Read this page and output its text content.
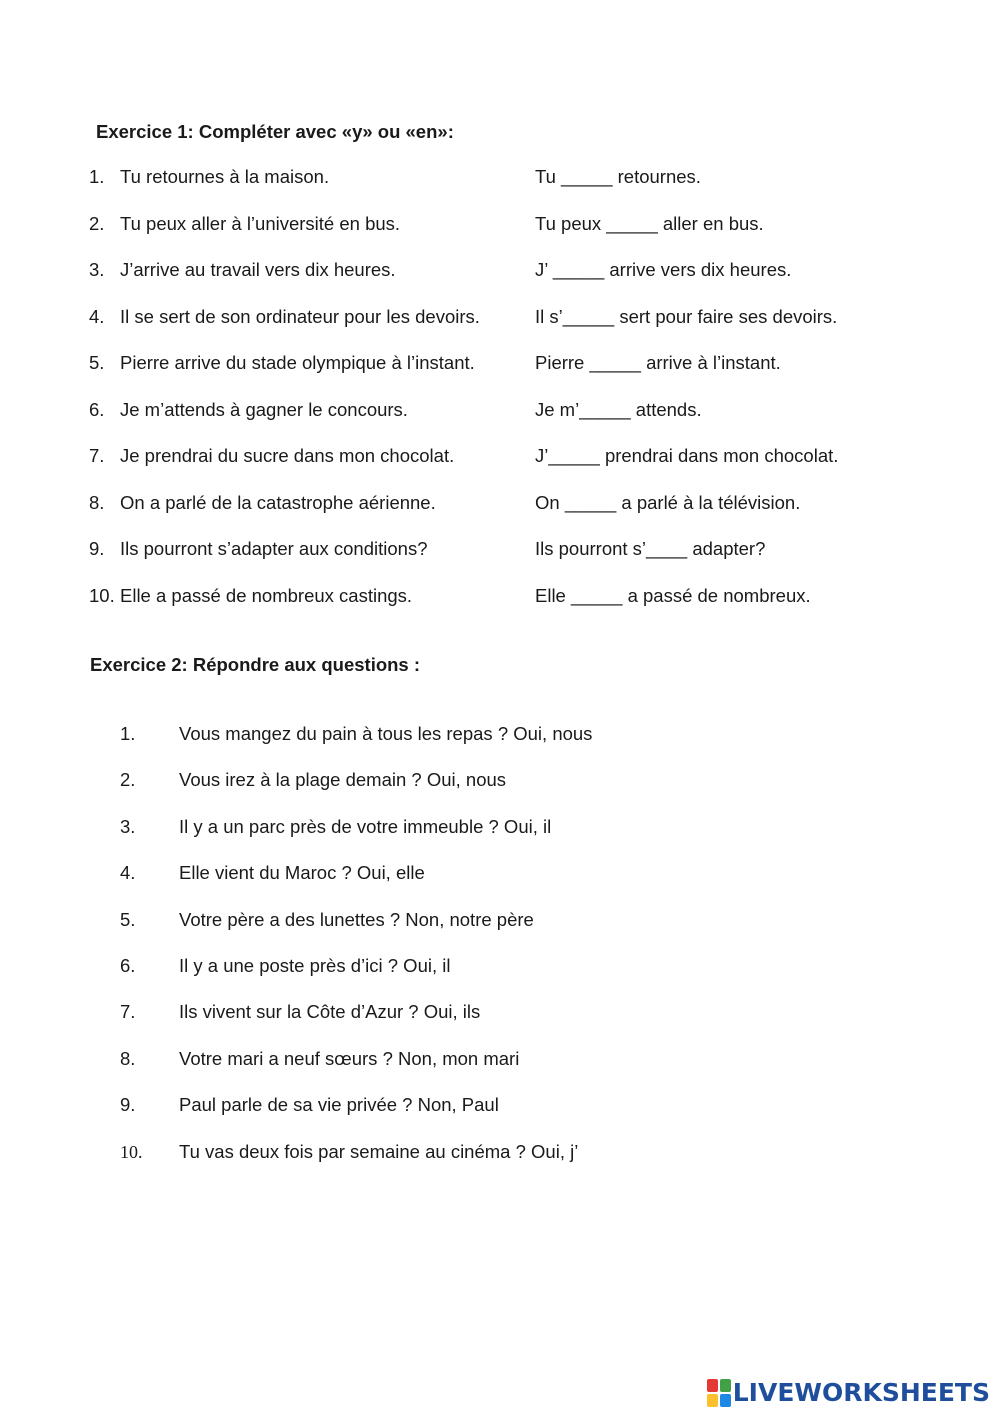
Exercice 1: Compléter avec «y» ou «en»:
1. Tu retournes à la maison.	Tu _____ retournes.
2. Tu peux aller à l’université en bus.	Tu peux _____ aller en bus.
3. J’arrive au travail vers dix heures.	J’ _____ arrive vers dix heures.
4. Il se sert de son ordinateur pour les devoirs.	Il s’_____ sert pour faire ses devoirs.
5. Pierre arrive du stade olympique à l’instant.	Pierre _____ arrive à l’instant.
6. Je m’attends à gagner le concours.	Je m’_____ attends.
7. Je prendrai du sucre dans mon chocolat.	J’_____ prendrai dans mon chocolat.
8. On a parlé de la catastrophe aérienne.	On _____ a parlé à la télévision.
9. Ils pourront s’adapter aux conditions?	Ils pourront s’____ adapter?
10. Elle a passé de nombreux castings.	Elle _____ a passé de nombreux.
Exercice 2: Répondre aux questions :
1. Vous mangez du pain à tous les repas ? Oui, nous
2. Vous irez à la plage demain ? Oui, nous
3. Il y a un parc près de votre immeuble ? Oui, il
4. Elle vient du Maroc ? Oui, elle
5. Votre père a des lunettes ? Non, notre père
6. Il y a une poste près d’ici ? Oui, il
7. Ils vivent sur la Côte d’Azur ? Oui, ils
8. Votre mari a neuf sœurs ? Non, mon mari
9. Paul parle de sa vie privée ? Non, Paul
10. Tu vas deux fois par semaine au cinéma ? Oui, j’
LIVEWORKSHEETS
